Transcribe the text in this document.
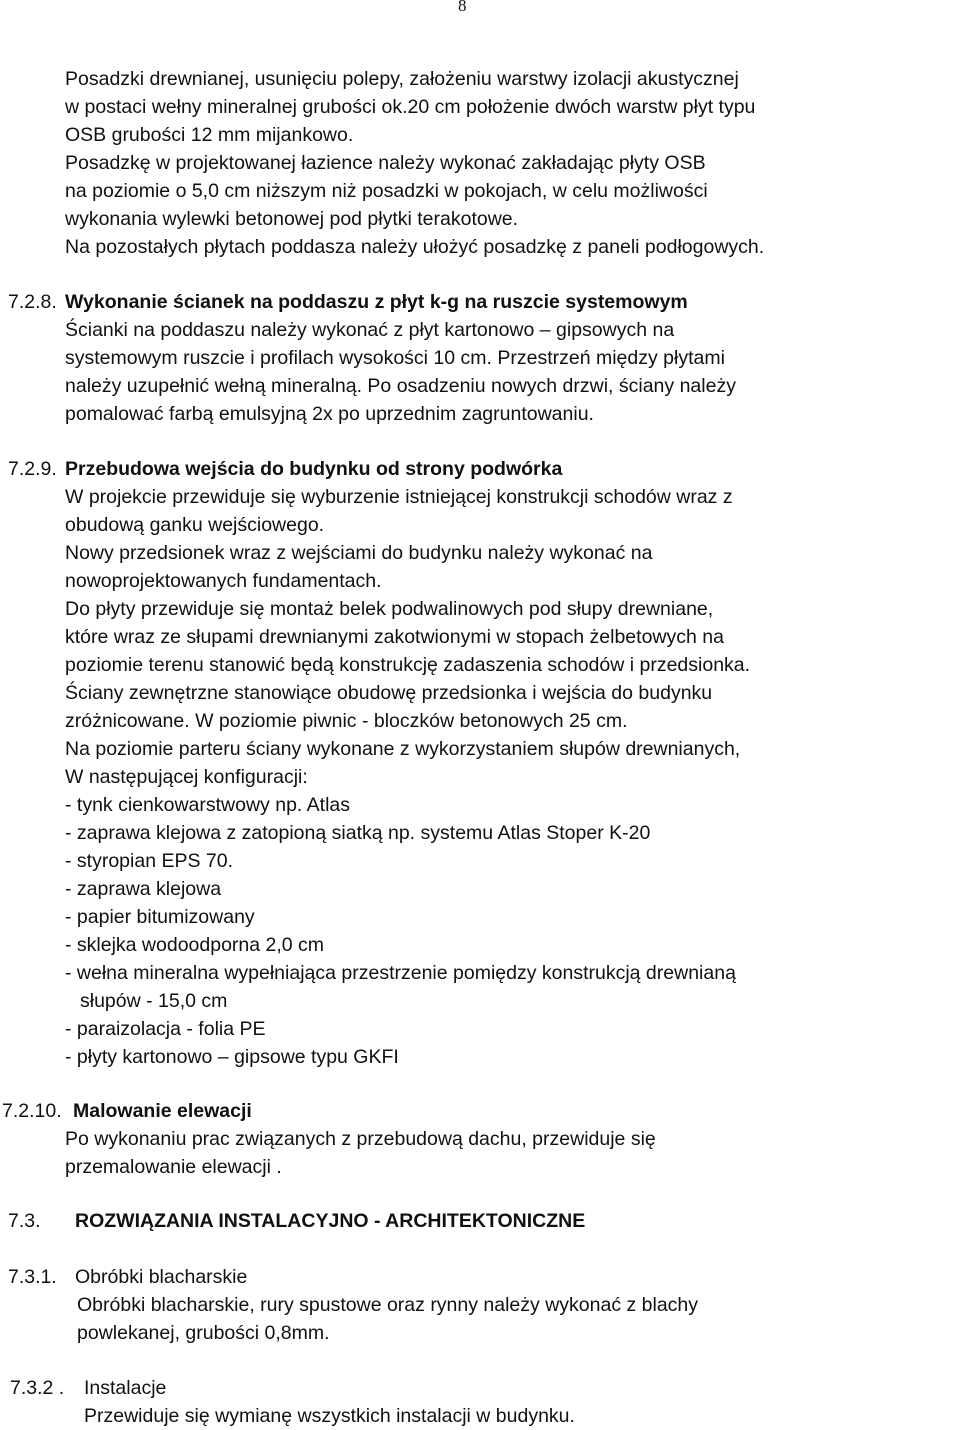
8
Posadzki drewnianej, usunięciu polepy, założeniu warstwy izolacji akustycznej
w postaci wełny mineralnej grubości ok.20 cm położenie dwóch warstw płyt typu
OSB grubości 12 mm mijankowo.
Posadzkę w projektowanej łazience należy wykonać zakładając płyty OSB
na poziomie o 5,0 cm niższym niż posadzki w pokojach, w celu możliwości
wykonania wylewki betonowej pod płytki terakotowe.
Na pozostałych płytach poddasza należy ułożyć posadzkę z paneli podłogowych.
7.2.8. Wykonanie ścianek na poddaszu z płyt k-g na ruszcie systemowym
Ścianki na poddaszu należy wykonać z płyt kartonowo – gipsowych na
systemowym ruszcie i profilach wysokości 10 cm. Przestrzeń między płytami
należy uzupełnić wełną mineralną. Po osadzeniu nowych drzwi, ściany należy
pomalować farbą emulsyjną 2x po uprzednim zagruntowaniu.
7.2.9. Przebudowa wejścia do budynku od strony podwórka
W projekcie przewiduje się wyburzenie istniejącej konstrukcji schodów wraz z
obudową ganku wejściowego.
Nowy przedsionek wraz z wejściami do budynku należy wykonać na
nowoprojektowanych fundamentach.
Do płyty przewiduje się montaż belek podwalinowych pod słupy drewniane,
które wraz ze słupami drewnianymi zakotwionymi w stopach żelbetowych na
poziomie terenu stanowić będą konstrukcję zadaszenia schodów i przedsionka.
Ściany zewnętrzne stanowiące obudowę przedsionka i wejścia do budynku
zróżnicowane. W poziomie piwnic - bloczków betonowych 25 cm.
Na poziomie parteru ściany wykonane z wykorzystaniem słupów drewnianych,
W następującej konfiguracji:
- tynk cienkowarstwowy np. Atlas
- zaprawa klejowa z zatopioną siatką np. systemu Atlas Stoper K-20
- styropian EPS 70.
- zaprawa klejowa
- papier bitumizowany
- sklejka wodoodporna 2,0 cm
- wełna mineralna wypełniająca przestrzenie pomiędzy konstrukcją drewnianą
słupów - 15,0 cm
- paraizolacja - folia PE
- płyty kartonowo – gipsowe typu GKFI
7.2.10. Malowanie elewacji
Po wykonaniu prac związanych z przebudową dachu, przewiduje się
przemalowanie elewacji .
7.3. ROZWIĄZANIA INSTALACYJNO - ARCHITEKTONICZNE
7.3.1. Obróbki blacharskie
Obróbki blacharskie, rury spustowe oraz rynny należy wykonać z blachy
powlekanej, grubości 0,8mm.
7.3.2 . Instalacje
Przewiduje się wymianę wszystkich instalacji w budynku.
